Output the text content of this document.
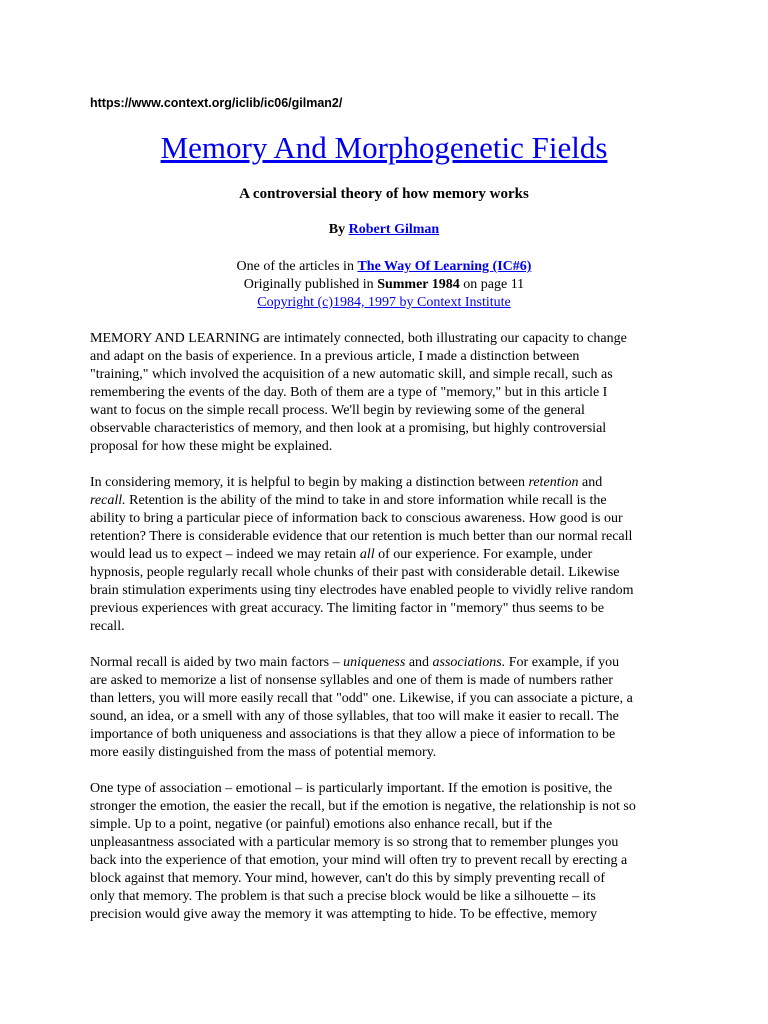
https://www.context.org/iclib/ic06/gilman2/
Memory And Morphogenetic Fields
A controversial theory of how memory works
By Robert Gilman
One of the articles in The Way Of Learning (IC#6)
Originally published in Summer 1984 on page 11
Copyright (c)1984, 1997 by Context Institute

MEMORY AND LEARNING are intimately connected, both illustrating our capacity to change
and adapt on the basis of experience. In a previous article, I made a distinction between
"training," which involved the acquisition of a new automatic skill, and simple recall, such as
remembering the events of the day. Both of them are a type of "memory," but in this article I
want to focus on the simple recall process. We'll begin by reviewing some of the general
observable characteristics of memory, and then look at a promising, but highly controversial
proposal for how these might be explained.

In considering memory, it is helpful to begin by making a distinction between retention and
recall. Retention is the ability of the mind to take in and store information while recall is the
ability to bring a particular piece of information back to conscious awareness. How good is our
retention? There is considerable evidence that our retention is much better than our normal recall
would lead us to expect – indeed we may retain all of our experience. For example, under
hypnosis, people regularly recall whole chunks of their past with considerable detail. Likewise
brain stimulation experiments using tiny electrodes have enabled people to vividly relive random
previous experiences with great accuracy. The limiting factor in "memory" thus seems to be
recall.

Normal recall is aided by two main factors – uniqueness and associations. For example, if you
are asked to memorize a list of nonsense syllables and one of them is made of numbers rather
than letters, you will more easily recall that "odd" one. Likewise, if you can associate a picture, a
sound, an idea, or a smell with any of those syllables, that too will make it easier to recall. The
importance of both uniqueness and associations is that they allow a piece of information to be
more easily distinguished from the mass of potential memory.

One type of association – emotional – is particularly important. If the emotion is positive, the
stronger the emotion, the easier the recall, but if the emotion is negative, the relationship is not so
simple. Up to a point, negative (or painful) emotions also enhance recall, but if the
unpleasantness associated with a particular memory is so strong that to remember plunges you
back into the experience of that emotion, your mind will often try to prevent recall by erecting a
block against that memory. Your mind, however, can't do this by simply preventing recall of
only that memory. The problem is that such a precise block would be like a silhouette – its
precision would give away the memory it was attempting to hide. To be effective, memory
